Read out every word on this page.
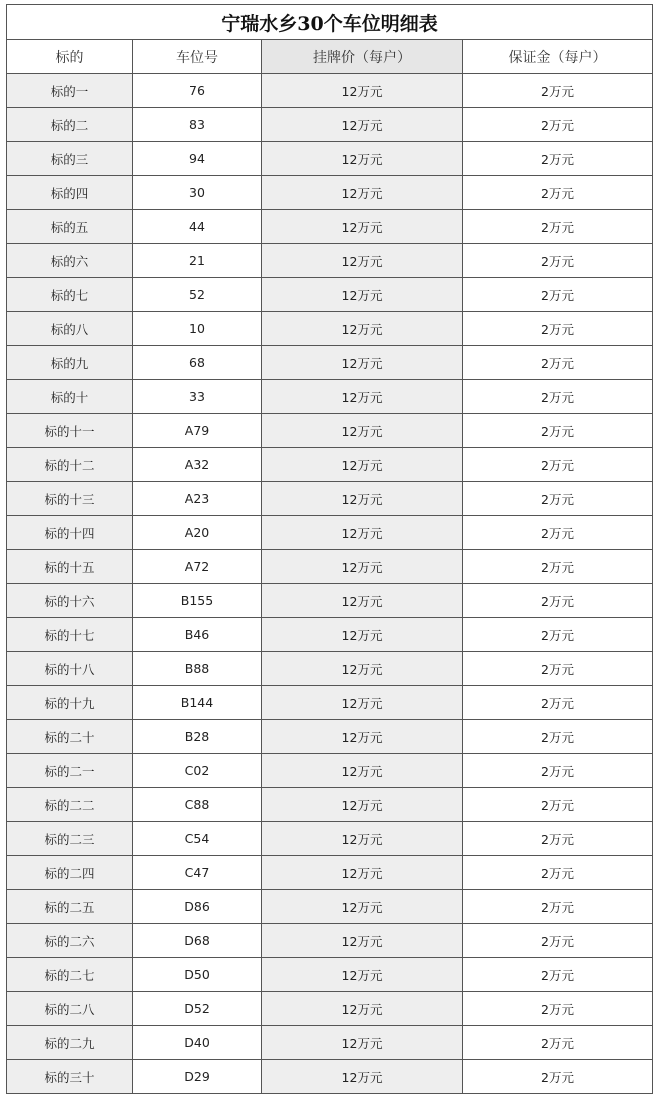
宁瑞水乡30个车位明细表			
标的	车位号	挂牌价（每户）	保证金（每户）
标的一	76	12万元	2万元
标的二	83	12万元	2万元
标的三	94	12万元	2万元
标的四	30	12万元	2万元
标的五	44	12万元	2万元
标的六	21	12万元	2万元
标的七	52	12万元	2万元
标的八	10	12万元	2万元
标的九	68	12万元	2万元
标的十	33	12万元	2万元
标的十一	A79	12万元	2万元
标的十二	A32	12万元	2万元
标的十三	A23	12万元	2万元
标的十四	A20	12万元	2万元
标的十五	A72	12万元	2万元
标的十六	B155	12万元	2万元
标的十七	B46	12万元	2万元
标的十八	B88	12万元	2万元
标的十九	B144	12万元	2万元
标的二十	B28	12万元	2万元
标的二一	C02	12万元	2万元
标的二二	C88	12万元	2万元
标的二三	C54	12万元	2万元
标的二四	C47	12万元	2万元
标的二五	D86	12万元	2万元
标的二六	D68	12万元	2万元
标的二七	D50	12万元	2万元
标的二八	D52	12万元	2万元
标的二九	D40	12万元	2万元
标的三十	D29	12万元	2万元
